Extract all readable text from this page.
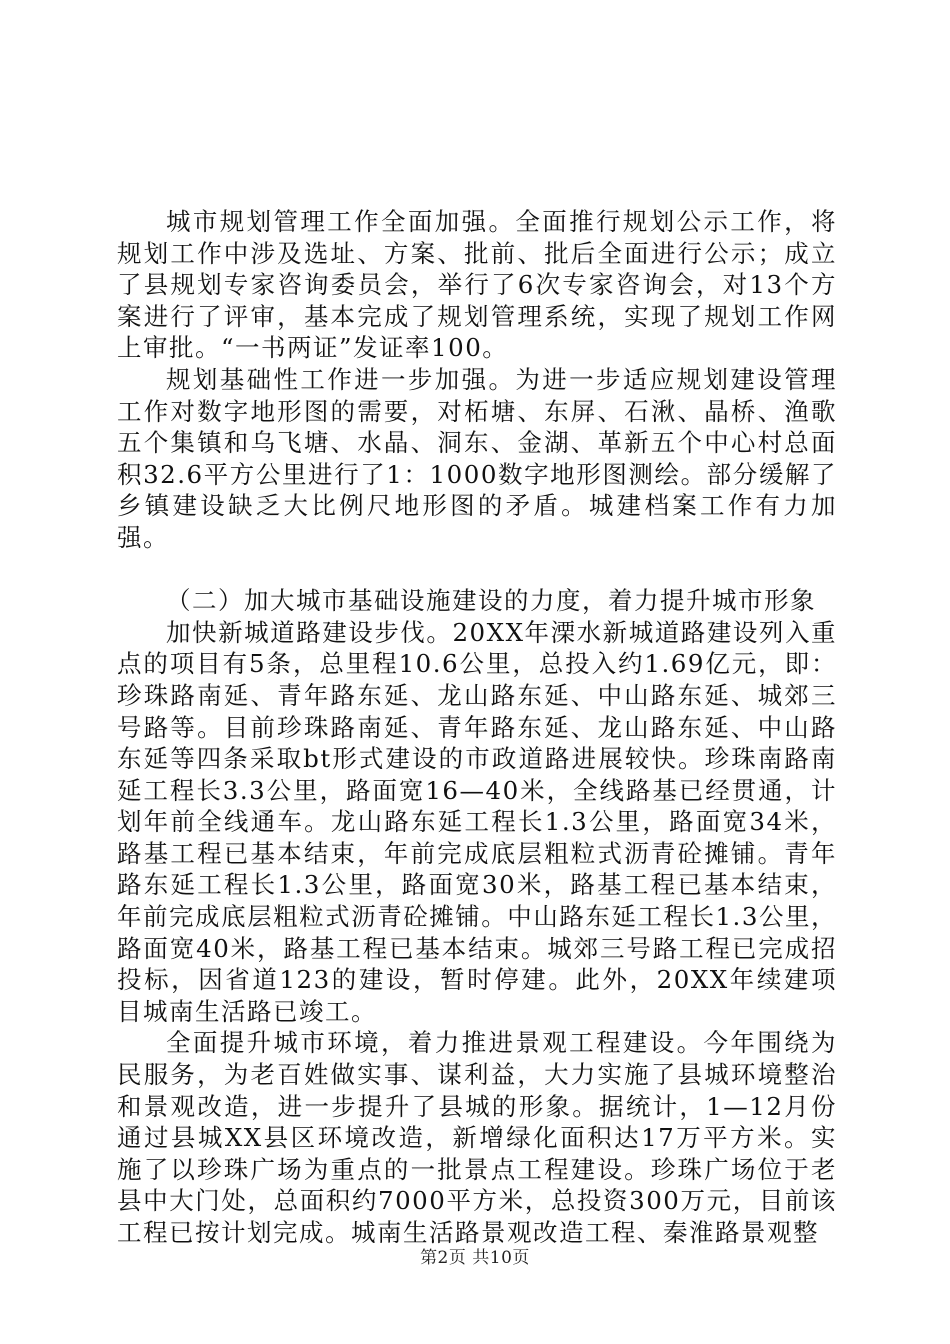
城市规划管理工作全面加强。全面推行规划公示工作，将规划工作中涉及选址、方案、批前、批后全面进行公示；成立了县规划专家咨询委员会，举行了6次专家咨询会，对13个方案进行了评审，基本完成了规划管理系统，实现了规划工作网上审批。“一书两证”发证率100。

规划基础性工作进一步加强。为进一步适应规划建设管理工作对数字地形图的需要，对柘塘、东屏、石湫、晶桥、渔歌五个集镇和乌飞塘、水晶、洞东、金湖、革新五个中心村总面积32.6平方公里进行了1：1000数字地形图测绘。部分缓解了乡镇建设缺乏大比例尺地形图的矛盾。城建档案工作有力加强。

（二）加大城市基础设施建设的力度，着力提升城市形象

加快新城道路建设步伐。20XX年溧水新城道路建设列入重点的项目有5条，总里程10.6公里，总投入约1.69亿元，即：珍珠路南延、青年路东延、龙山路东延、中山路东延、城郊三号路等。目前珍珠路南延、青年路东延、龙山路东延、中山路东延等四条采取bt形式建设的市政道路进展较快。珍珠南路南延工程长3.3公里，路面宽16—40米，全线路基已经贯通，计划年前全线通车。龙山路东延工程长1.3公里，路面宽34米，路基工程已基本结束，年前完成底层粗粒式沥青砼摊铺。青年路东延工程长1.3公里，路面宽30米，路基工程已基本结束，年前完成底层粗粒式沥青砼摊铺。中山路东延工程长1.3公里，路面宽40米，路基工程已基本结束。城郊三号路工程已完成招投标，因省道123的建设，暂时停建。此外，20XX年续建项目城南生活路已竣工。

全面提升城市环境，着力推进景观工程建设。今年围绕为民服务，为老百姓做实事、谋利益，大力实施了县城环境整治和景观改造，进一步提升了县城的形象。据统计，1—12月份通过县城XX县区环境改造，新增绿化面积达17万平方米。实施了以珍珠广场为重点的一批景点工程建设。珍珠广场位于老县中大门处，总面积约7000平方米，总投资300万元，目前该工程已按计划完成。城南生活路景观改造工程、秦淮路景观整

第2页 共10页
